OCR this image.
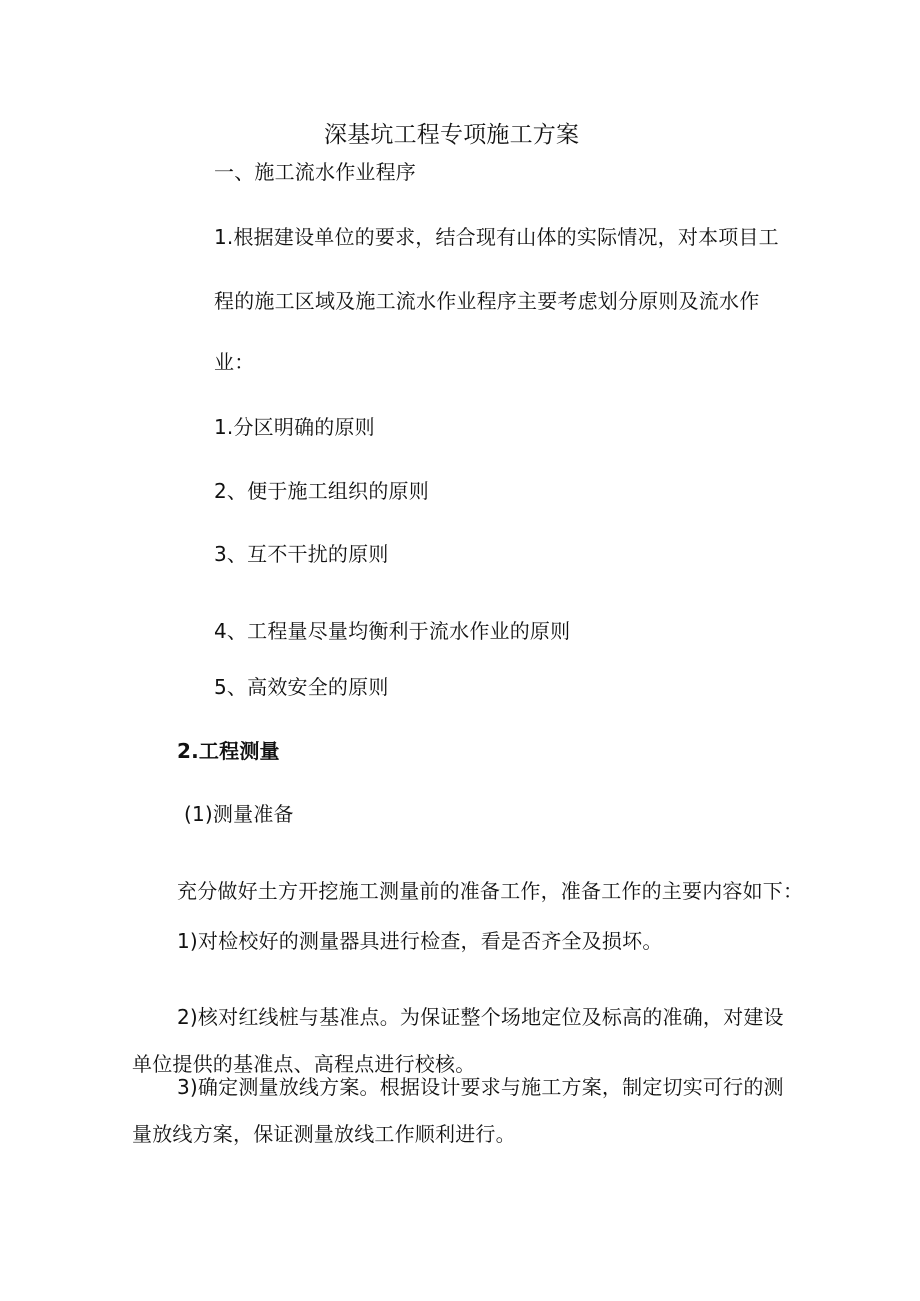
深基坑工程专项施工方案
一、施工流水作业程序
1.根据建设单位的要求，结合现有山体的实际情况，对本项目工
程的施工区域及施工流水作业程序主要考虑划分原则及流水作
业：
1.分区明确的原则
2、便于施工组织的原则
3、互不干扰的原则
4、工程量尽量均衡利于流水作业的原则
5、高效安全的原则
2.工程测量
(1)测量准备
充分做好土方开挖施工测量前的准备工作，准备工作的主要内容如下：
1)对检校好的测量器具进行检查，看是否齐全及损坏。
2)核对红线桩与基准点。为保证整个场地定位及标高的准确，对建设
单位提供的基准点、高程点进行校核。
3)确定测量放线方案。根据设计要求与施工方案，制定切实可行的测
量放线方案，保证测量放线工作顺利进行。
